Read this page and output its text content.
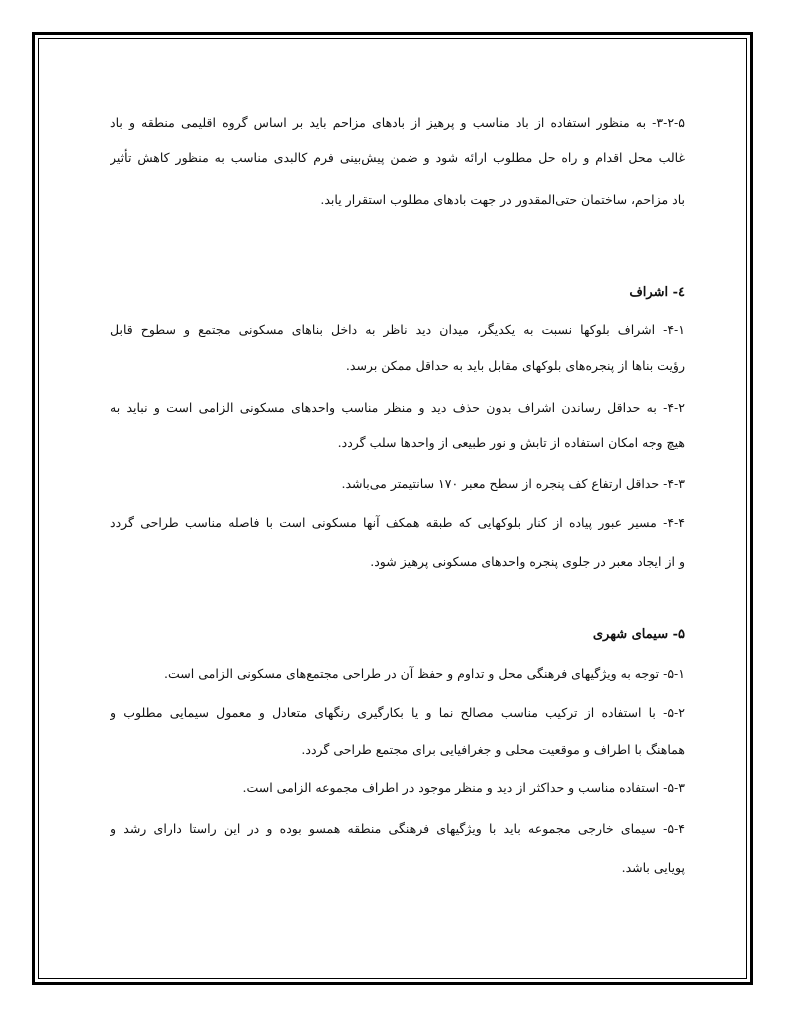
۳-۲-۵- به منظور استفاده از باد مناسب و پرهیز از بادهای مزاحم باید بر اساس گروه اقلیمی منطقه و باد
غالب محل اقدام و راه حل مطلوب ارائه شود و ضمن پیش‌بینی فرم کالبدی مناسب به منظور کاهش تأثیر
باد مزاحم، ساختمان حتی‌المقدور در جهت بادهای مطلوب استقرار یابد.
٤- اشراف
۴-۱- اشراف بلوکها نسبت به یکدیگر، میدان دید ناظر به داخل بناهای مسکونی مجتمع و سطوح قابل
رؤیت بناها از پنجره‌های بلوکهای مقابل باید به حداقل ممکن برسد.
۴-۲- به حداقل رساندن اشراف بدون حذف دید و منظر مناسب واحدهای مسکونی الزامی است و نباید به
هیچ وجه امکان استفاده از تابش و نور طبیعی از واحدها سلب گردد.
۴-۳- حداقل ارتفاع کف پنجره از سطح معبر ۱۷۰ سانتیمتر می‌باشد.
۴-۴- مسیر عبور پیاده از کنار بلوکهایی که طبقه همکف آنها مسکونی است با فاصله مناسب طراحی گردد
و از ایجاد معبر در جلوی پنجره واحدهای مسکونی پرهیز شود.
۵- سیمای شهری
۵-۱- توجه به ویژگیهای فرهنگی محل و تداوم و حفظ آن در طراحی مجتمع‌های مسکونی الزامی است.
۵-۲- با استفاده از ترکیب مناسب مصالح نما و یا بکارگیری رنگهای متعادل و معمول سیمایی مطلوب و
هماهنگ با اطراف و موقعیت محلی و جغرافیایی برای مجتمع طراحی گردد.
۵-۳- استفاده مناسب و حداکثر از دید و منظر موجود در اطراف مجموعه الزامی است.
۵-۴- سیمای خارجی مجموعه باید با ویژگیهای فرهنگی منطقه همسو بوده و در این راستا دارای رشد و
پویایی باشد.
